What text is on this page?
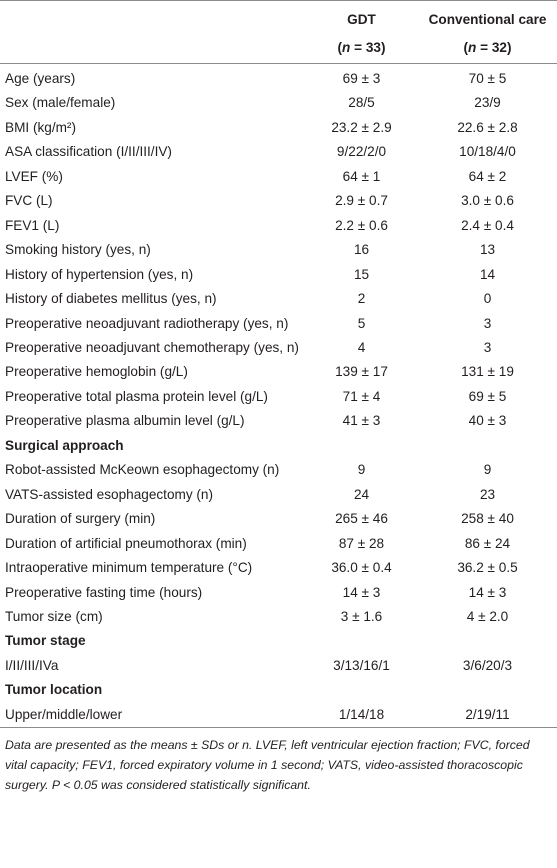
	GDT	Conventional care
	(n = 33)	(n = 32)
Age (years)	69 ± 3	70 ± 5
Sex (male/female)	28/5	23/9
BMI (kg/m²)	23.2 ± 2.9	22.6 ± 2.8
ASA classification (I/II/III/IV)	9/22/2/0	10/18/4/0
LVEF (%)	64 ± 1	64 ± 2
FVC (L)	2.9 ± 0.7	3.0 ± 0.6
FEV1 (L)	2.2 ± 0.6	2.4 ± 0.4
Smoking history (yes, n)	16	13
History of hypertension (yes, n)	15	14
History of diabetes mellitus (yes, n)	2	0
Preoperative neoadjuvant radiotherapy (yes, n)	5	3
Preoperative neoadjuvant chemotherapy (yes, n)	4	3
Preoperative hemoglobin (g/L)	139 ± 17	131 ± 19
Preoperative total plasma protein level (g/L)	71 ± 4	69 ± 5
Preoperative plasma albumin level (g/L)	41 ± 3	40 ± 3
Surgical approach		
Robot-assisted McKeown esophagectomy (n)	9	9
VATS-assisted esophagectomy (n)	24	23
Duration of surgery (min)	265 ± 46	258 ± 40
Duration of artificial pneumothorax (min)	87 ± 28	86 ± 24
Intraoperative minimum temperature (°C)	36.0 ± 0.4	36.2 ± 0.5
Preoperative fasting time (hours)	14 ± 3	14 ± 3
Tumor size (cm)	3 ± 1.6	4 ± 2.0
Tumor stage		
I/II/III/IVa	3/13/16/1	3/6/20/3
Tumor location		
Upper/middle/lower	1/14/18	2/19/11
Data are presented as the means ± SDs or n. LVEF, left ventricular ejection fraction; FVC, forced vital capacity; FEV1, forced expiratory volume in 1 second; VATS, video-assisted thoracoscopic surgery. P < 0.05 was considered statistically significant.
